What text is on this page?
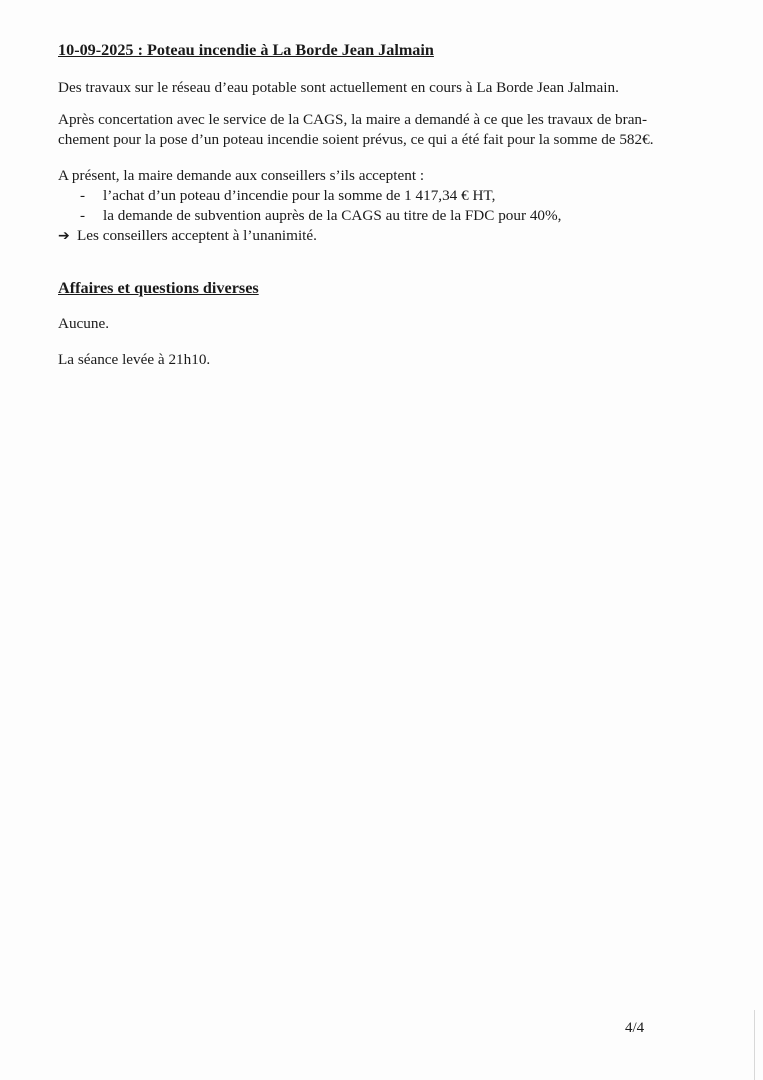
10-09-2025 : Poteau incendie à La Borde Jean Jalmain

Des travaux sur le réseau d’eau potable sont actuellement en cours à La Borde Jean Jalmain.

Après concertation avec le service de la CAGS, la maire a demandé à ce que les travaux de bran-
chement pour la pose d’un poteau incendie soient prévus, ce qui a été fait pour la somme de 582€.

A présent, la maire demande aux conseillers s’ils acceptent :

- l’achat d’un poteau d’incendie pour la somme de 1 417,34 € HT,
- la demande de subvention auprès de la CAGS au titre de la FDC pour 40%,
➔ Les conseillers acceptent à l’unanimité.
Affaires et questions diverses

Aucune.

La séance levée à 21h10.

4/4
